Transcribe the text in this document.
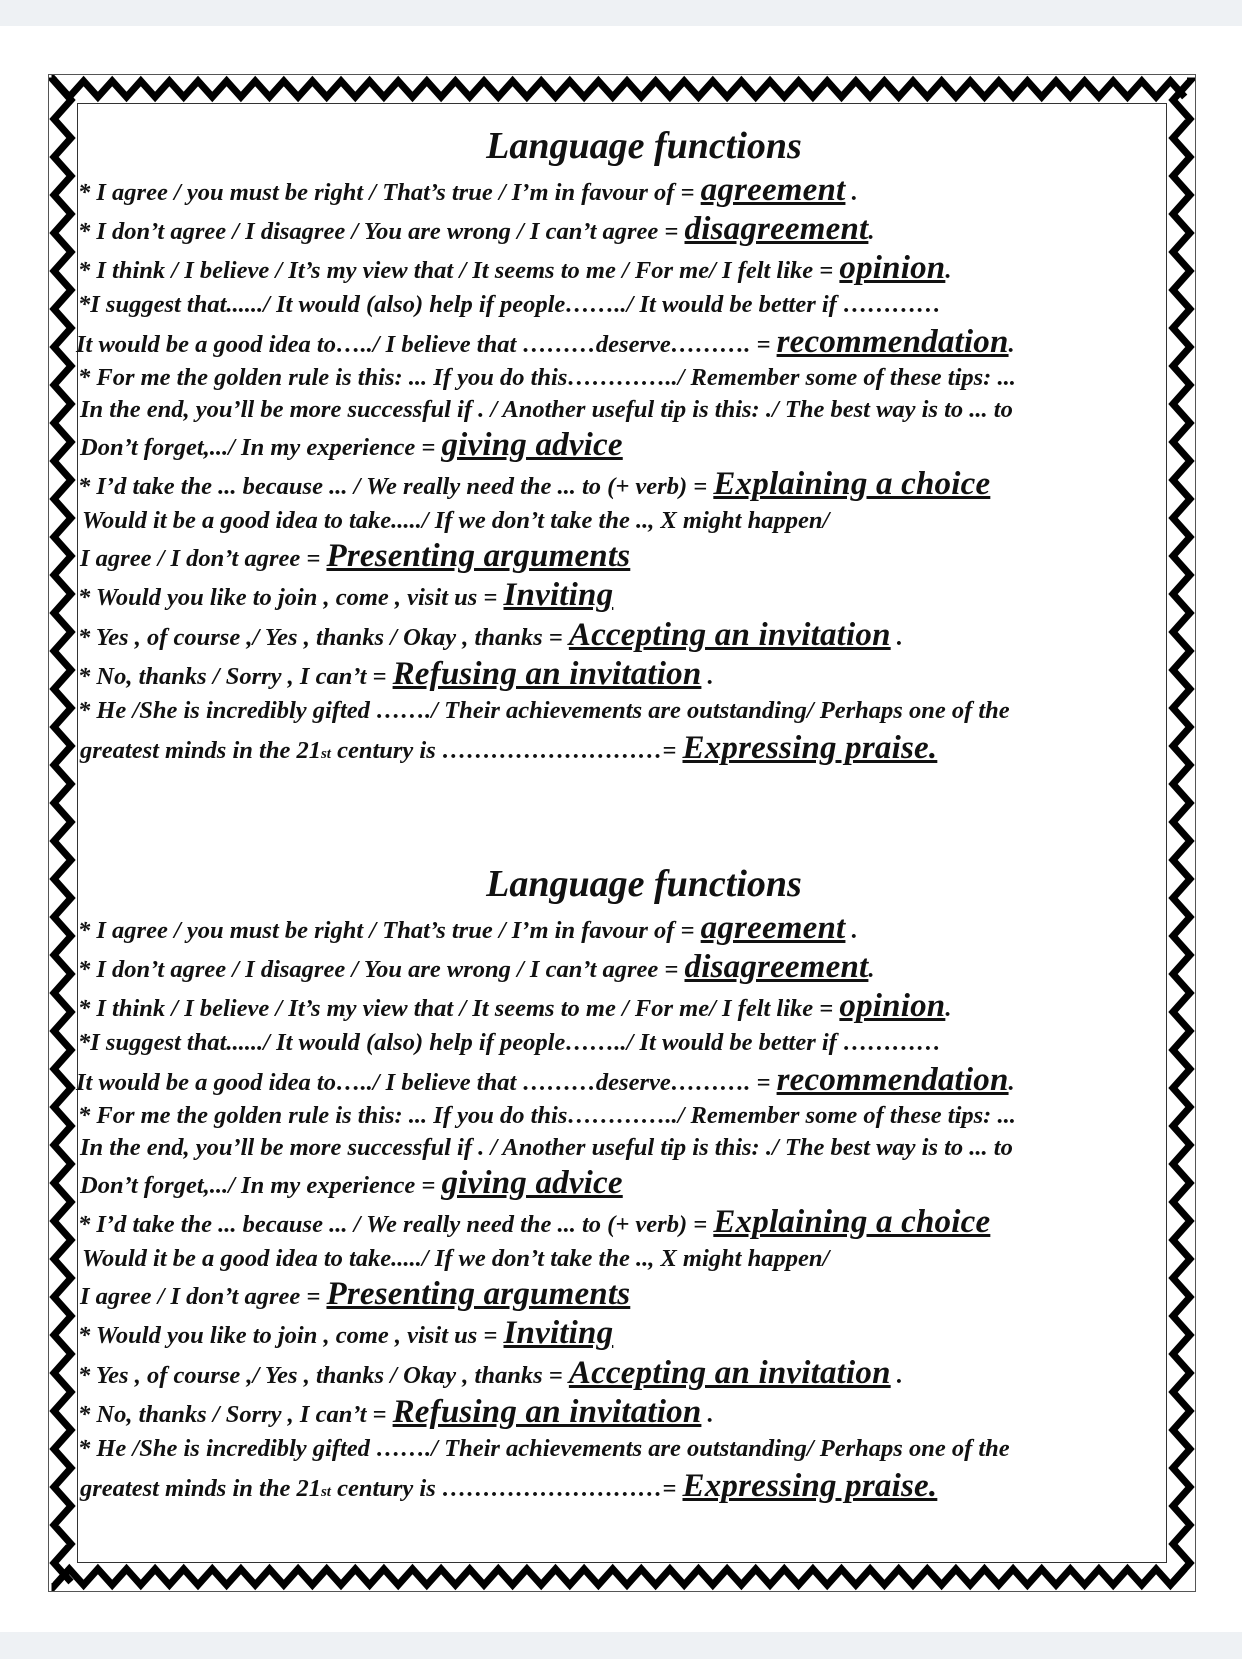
Language functions
* I agree / you must be right / That’s true / I’m in favour of = agreement .
* I don’t agree / I disagree / You are wrong / I can’t agree = disagreement.
* I think / I believe / It’s my view that / It seems to me / For me/ I felt like = opinion.
*I suggest that....../ It would (also) help if people……../ It would be better if …………
It would be a good idea to…../ I believe that ………deserve………. = recommendation.
* For me the golden rule is this: ... If you do this…………../ Remember some of these tips: ...
In the end, you’ll be more successful if . / Another useful tip is this: ./ The best way is to ... to
Don’t forget,.../ In my experience = giving advice
* I’d take the ... because ... / We really need the ... to (+ verb) = Explaining a choice
Would it be a good idea to take...../ If we don’t take the .., X might happen/
I agree / I don’t agree = Presenting arguments
* Would you like to join , come , visit us = Inviting
* Yes , of course ,/ Yes , thanks / Okay , thanks = Accepting an invitation .
* No, thanks / Sorry , I can’t = Refusing an invitation .
* He /She is incredibly gifted ……./ Their achievements are outstanding/ Perhaps one of the
greatest minds in the 21st century is ………………………= Expressing praise.
Language functions
* I agree / you must be right / That’s true / I’m in favour of = agreement .
* I don’t agree / I disagree / You are wrong / I can’t agree = disagreement.
* I think / I believe / It’s my view that / It seems to me / For me/ I felt like = opinion.
*I suggest that....../ It would (also) help if people……../ It would be better if …………
It would be a good idea to…../ I believe that ………deserve………. = recommendation.
* For me the golden rule is this: ... If you do this…………../ Remember some of these tips: ...
In the end, you’ll be more successful if . / Another useful tip is this: ./ The best way is to ... to
Don’t forget,.../ In my experience = giving advice
* I’d take the ... because ... / We really need the ... to (+ verb) = Explaining a choice
Would it be a good idea to take...../ If we don’t take the .., X might happen/
I agree / I don’t agree = Presenting arguments
* Would you like to join , come , visit us = Inviting
* Yes , of course ,/ Yes , thanks / Okay , thanks = Accepting an invitation .
* No, thanks / Sorry , I can’t = Refusing an invitation .
* He /She is incredibly gifted ……./ Their achievements are outstanding/ Perhaps one of the
greatest minds in the 21st century is ………………………= Expressing praise.
